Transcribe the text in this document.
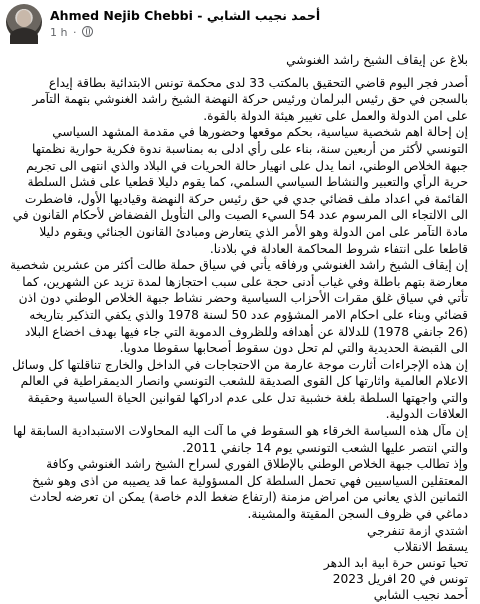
Ahmed Nejib Chebbi - أحمد نجيب الشابي
1 h ·

بلاغ عن إيقاف الشيخ راشد الغنوشي

أصدر فجر اليوم قاضي التحقيق بالمكتب 33 لدى محكمة تونس الابتدائية بطاقة إيداع بالسجن في حق رئيس البرلمان ورئيس حركة النهضة الشيخ راشد الغنوشي بتهمة التآمر على امن الدولة والعمل على تغيير هيئة الدولة بالقوة.

إن إحالة اهم شخصية سياسية، بحكم موقعها وحضورها في مقدمة المشهد السياسي التونسي لأكثر من أربعين سنة، بناء على رأي ادلى به بمناسبة ندوة فكرية حوارية نظمتها جبهة الخلاص الوطني، انما يدل على انهيار حالة الحريات في البلاد والذي انتهى الى تجريم حرية الرأي والتعبير والنشاط السياسي السلمي، كما يقوم دليلا قطعيا على فشل السلطة القائمة في اعداد ملف قضائي جدي في حق رئيس حركة النهضة وقياديها الأول، فاضطرت الى الالتجاء الى المرسوم عدد 54 السيء الصيت والى التأويل الفضفاض لأحكام القانون في مادة التآمر على امن الدولة وهو الأمر الذي يتعارض ومبادئ القانون الجنائي ويقوم دليلا قاطعا على انتفاء شروط المحاكمة العادلة في بلادنا.

إن إيقاف الشيخ راشد الغنوشي ورفاقه يأتي في سياق حملة طالت أكثر من عشرين شخصية معارضة بتهم باطلة وفي غياب أدنى حجة على سبب احتجازها لمدة تزيد عن الشهرين، كما تأتي في سياق غلق مقرات الأحزاب السياسية وحضر نشاط جبهة الخلاص الوطني دون اذن قضائي وبناء على احكام الامر المشؤوم عدد 50 لسنة 1978 والذي يكفي التذكير بتاريخه (26 جانفي 1978) للدلالة عن أهدافه وللظروف الدموية التي جاء فيها بهدف اخضاع البلاد الى القبضة الحديدية والتي لم تحل دون سقوط أصحابها سقوطا مدويا.

إن هذه الإجراءات أثارت موجة عارمة من الاحتجاجات في الداخل والخارج تناقلتها كل وسائل الاعلام العالمية واثارتها كل القوى الصديقة للشعب التونسي وانصار الديمقراطية في العالم والتي واجهتها السلطة بلغة خشبية تدل على عدم ادراكها لقوانين الحياة السياسية وحقيقة العلاقات الدولية.

إن مآل هذه السياسة الخرقاء هو السقوط في ما آلت اليه المحاولات الاستبدادية السابقة لها والتي انتصر عليها الشعب التونسي يوم 14 جانفي 2011.

وإذ تطالب جبهة الخلاص الوطني بالإطلاق الفوري لسراح الشيخ راشد الغنوشي وكافة المعتقلين السياسيين فهي تحمل السلطة كل المسؤولية عما قد يصيبه من اذى وهو شيخ الثمانين الذي يعاني من امراض مزمنة (ارتفاع ضغط الدم خاصة) يمكن ان تعرضه لحادث دماغي في ظروف السجن المقيتة والمشينة.

اشتدي ازمة تنفرجي

يسقط الانقلاب

تحيا تونس حرة ابية ابد الدهر

تونس في 20 افريل 2023

أحمد نجيب الشابي
